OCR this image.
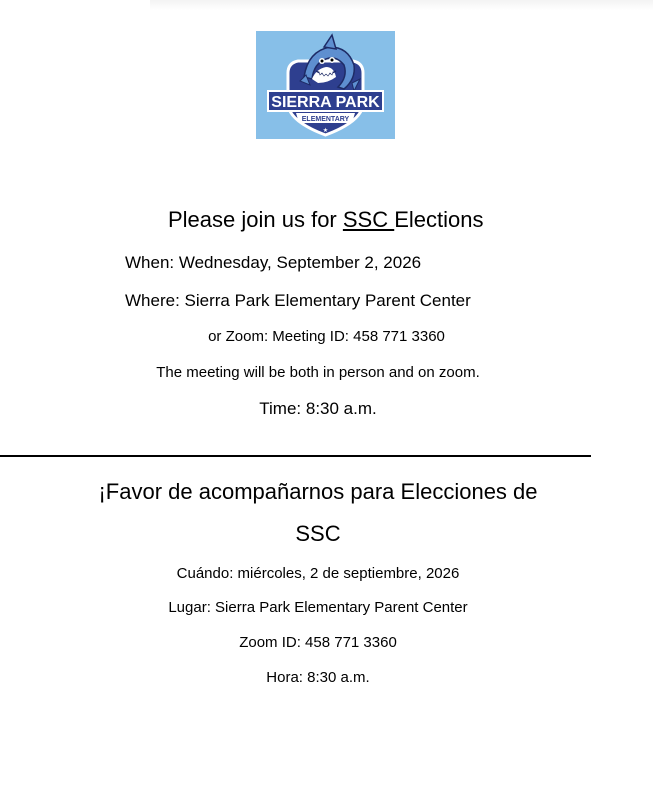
SIERRA PARK
ELEMENTARY
★
Please join us for SSC Elections
When: Wednesday, September 2, 2026
Where: Sierra Park Elementary Parent Center
or Zoom: Meeting ID: 458 771 3360
The meeting will be both in person and on zoom.
Time: 8:30 a.m.
¡Favor de acompañarnos para Elecciones de
SSC
Cuándo: miércoles, 2 de septiembre, 2026
Lugar: Sierra Park Elementary Parent Center
Zoom ID: 458 771 3360
Hora: 8:30 a.m.
